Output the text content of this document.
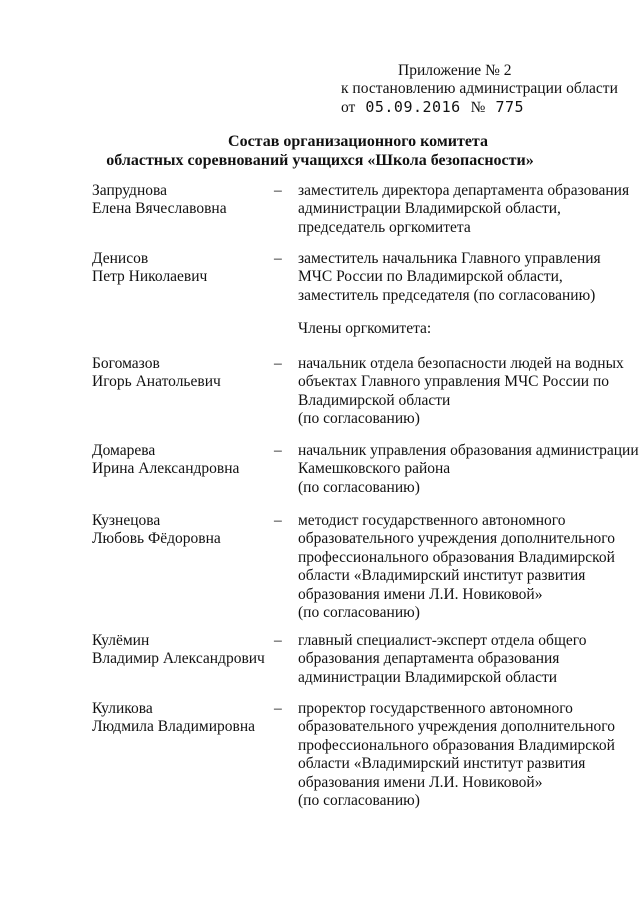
Приложение № 2
к постановлению администрации области
от 05.09.2016 № 775
Состав организационного комитета
областных соревнований учащихся «Школа безопасности»
Члены оргкомитета:
Запруднова
Елена Вячеславовна
– заместитель директора департамента образования
администрации Владимирской области,
председатель оргкомитета
Денисов
Петр Николаевич
– заместитель начальника Главного управления
МЧС России по Владимирской области,
заместитель председателя (по согласованию)
Богомазов
Игорь Анатольевич
– начальник отдела безопасности людей на водных
объектах Главного управления МЧС России по
Владимирской области
(по согласованию)
Домарева
Ирина Александровна
– начальник управления образования администрации
Камешковского района
(по согласованию)
Кузнецова
Любовь Фёдоровна
– методист государственного автономного
образовательного учреждения дополнительного
профессионального образования Владимирской
области «Владимирский институт развития
образования имени Л.И. Новиковой»
(по согласованию)
Кулёмин
Владимир Александрович
– главный специалист-эксперт отдела общего
образования департамента образования
администрации Владимирской области
Куликова
Людмила Владимировна
– проректор государственного автономного
образовательного учреждения дополнительного
профессионального образования Владимирской
области «Владимирский институт развития
образования имени Л.И. Новиковой»
(по согласованию)
